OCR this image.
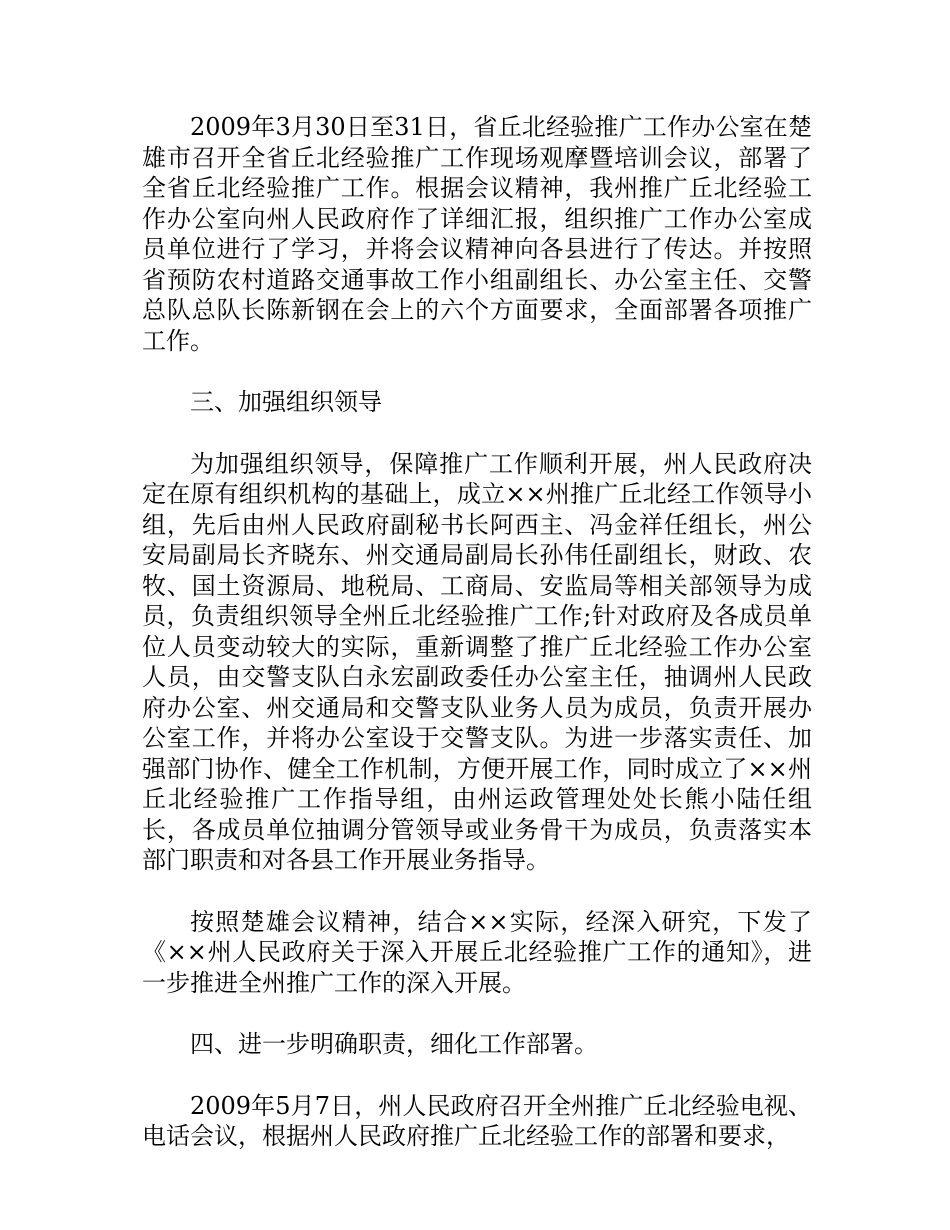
2009年3月30日至31日，省丘北经验推广工作办公室在楚雄市召开全省丘北经验推广工作现场观摩暨培训会议，部署了全省丘北经验推广工作。根据会议精神，我州推广丘北经验工作办公室向州人民政府作了详细汇报，组织推广工作办公室成员单位进行了学习，并将会议精神向各县进行了传达。并按照省预防农村道路交通事故工作小组副组长、办公室主任、交警总队总队长陈新钢在会上的六个方面要求，全面部署各项推广工作。

三、加强组织领导

为加强组织领导，保障推广工作顺利开展，州人民政府决定在原有组织机构的基础上，成立××州推广丘北经工作领导小组，先后由州人民政府副秘书长阿西主、冯金祥任组长，州公安局副局长齐晓东、州交通局副局长孙伟任副组长，财政、农牧、国土资源局、地税局、工商局、安监局等相关部领导为成员，负责组织领导全州丘北经验推广工作;针对政府及各成员单位人员变动较大的实际，重新调整了推广丘北经验工作办公室人员，由交警支队白永宏副政委任办公室主任，抽调州人民政府办公室、州交通局和交警支队业务人员为成员，负责开展办公室工作，并将办公室设于交警支队。为进一步落实责任、加强部门协作、健全工作机制，方便开展工作，同时成立了××州丘北经验推广工作指导组，由州运政管理处处长熊小陆任组长，各成员单位抽调分管领导或业务骨干为成员，负责落实本部门职责和对各县工作开展业务指导。

按照楚雄会议精神，结合××实际，经深入研究，下发了《××州人民政府关于深入开展丘北经验推广工作的通知》，进一步推进全州推广工作的深入开展。

四、进一步明确职责，细化工作部署。

2009年5月7日，州人民政府召开全州推广丘北经验电视、电话会议，根据州人民政府推广丘北经验工作的部署和要求，
